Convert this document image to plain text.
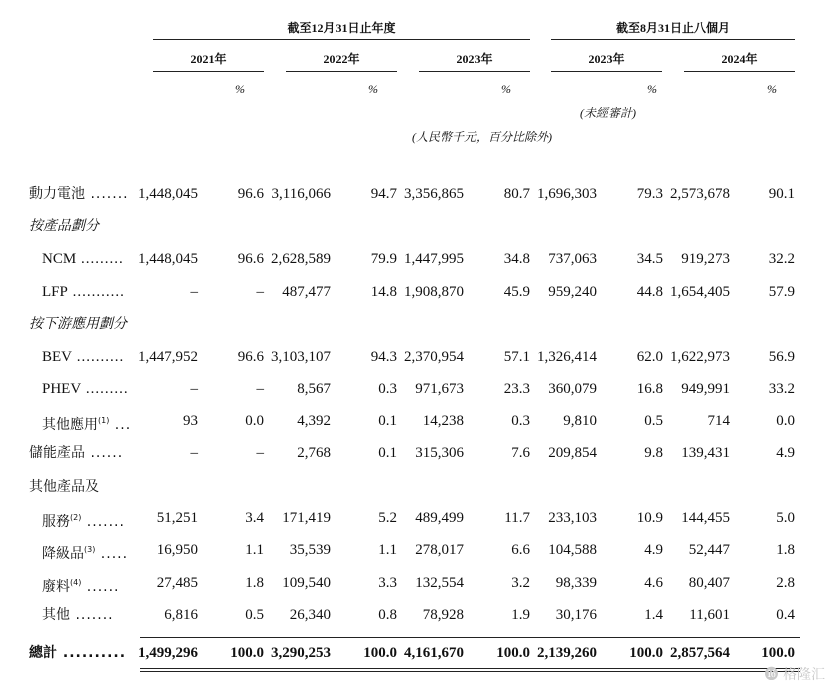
截至12月31日止年度	截至8月31日止八個月
2021年	2022年	2023年	2023年	2024年
%	%	%	%	%
(未經審計)
(人民幣千元，百分比除外)
按產品劃分
按下游應用劃分
其他產品及
動力電池 ....... 1,448,045	96.6 3,116,066	94.7 3,356,865	80.7 1,696,303	79.3 2,573,678	90.1
NCM ......... 1,448,045	96.6 2,628,589	79.9 1,447,995	34.8	737,063	34.5	919,273	32.2
LFP ...........	–	–	487,477	14.8 1,908,870	45.9	959,240	44.8 1,654,405	57.9
BEV .......... 1,447,952	96.6 3,103,107	94.3 2,370,954	57.1 1,326,414	62.0 1,622,973	56.9
PHEV .........	–	–	8,567	0.3	971,673	23.3	360,079	16.8	949,991	33.2
其他應用$^{(1)}$ ...	93	0.0	4,392	0.1	14,238	0.3	9,810	0.5	714	0.0
儲能產品 ......	–	–	2,768	0.1	315,306	7.6	209,854	9.8	139,431	4.9
服務$^{(2)}$ .......	51,251	3.4	171,419	5.2	489,499	11.7	233,103	10.9	144,455	5.0
降級品$^{(3)}$ .....	16,950	1.1	35,539	1.1	278,017	6.6	104,588	4.9	52,447	1.8
廢料$^{(4)}$ ......	27,485	1.8	109,540	3.3	132,554	3.2	98,339	4.6	80,407	2.8
其他 .......	6,816	0.5	26,340	0.8	78,928	1.9	30,176	1.4	11,601	0.4
總計 .......... 1,499,296	100.0 3,290,253	100.0 4,161,670	100.0 2,139,260	100.0 2,857,564	100.0
⓰ 格隆汇
